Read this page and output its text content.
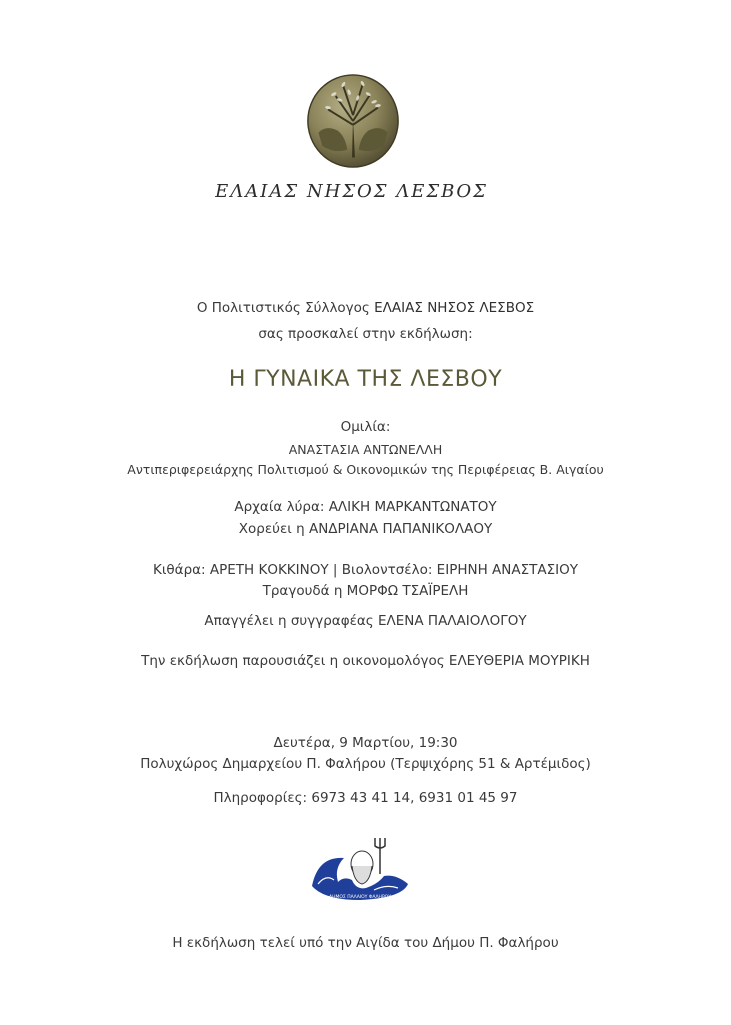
ΕΛΑΙΑΣ ΝΗΣΟΣ ΛΕΣΒΟΣ
Ο Πολιτιστικός Σύλλογος ΕΛΑΙΑΣ ΝΗΣΟΣ ΛΕΣΒΟΣ
σας προσκαλεί στην εκδήλωση:
Η ΓΥΝΑΙΚΑ ΤΗΣ ΛΕΣΒΟΥ
Ομιλία:
ΑΝΑΣΤΑΣΙΑ ΑΝΤΩΝΕΛΛΗ
Αντιπεριφερειάρχης Πολιτισμού & Οικονομικών της Περιφέρειας Β. Αιγαίου
Αρχαία λύρα: ΑΛΙΚΗ ΜΑΡΚΑΝΤΩΝΑΤΟΥ
Χορεύει η ΑΝΔΡΙΑΝΑ ΠΑΠΑΝΙΚΟΛΑΟΥ
Κιθάρα: ΑΡΕΤΗ ΚΟΚΚΙΝΟΥ | Βιολοντσέλο: ΕΙΡΗΝΗ ΑΝΑΣΤΑΣΙΟΥ
Τραγουδά η ΜΟΡΦΩ ΤΣΑΪΡΕΛΗ
Απαγγέλει η συγγραφέας ΕΛΕΝΑ ΠΑΛΑΙΟΛΟΓΟΥ
Την εκδήλωση παρουσιάζει η οικονομολόγος ΕΛΕΥΘΕΡΙΑ ΜΟΥΡΙΚΗ
Δευτέρα, 9 Μαρτίου, 19:30
Πολυχώρος Δημαρχείου Π. Φαλήρου (Τερψιχόρης 51 & Αρτέμιδος)
Πληροφορίες: 6973 43 41 14, 6931 01 45 97
ΔΗΜΟΣ ΠΑΛΑΙΟΥ ΦΑΛΗΡΟΥ
Η εκδήλωση τελεί υπό την Αιγίδα του Δήμου Π. Φαλήρου
